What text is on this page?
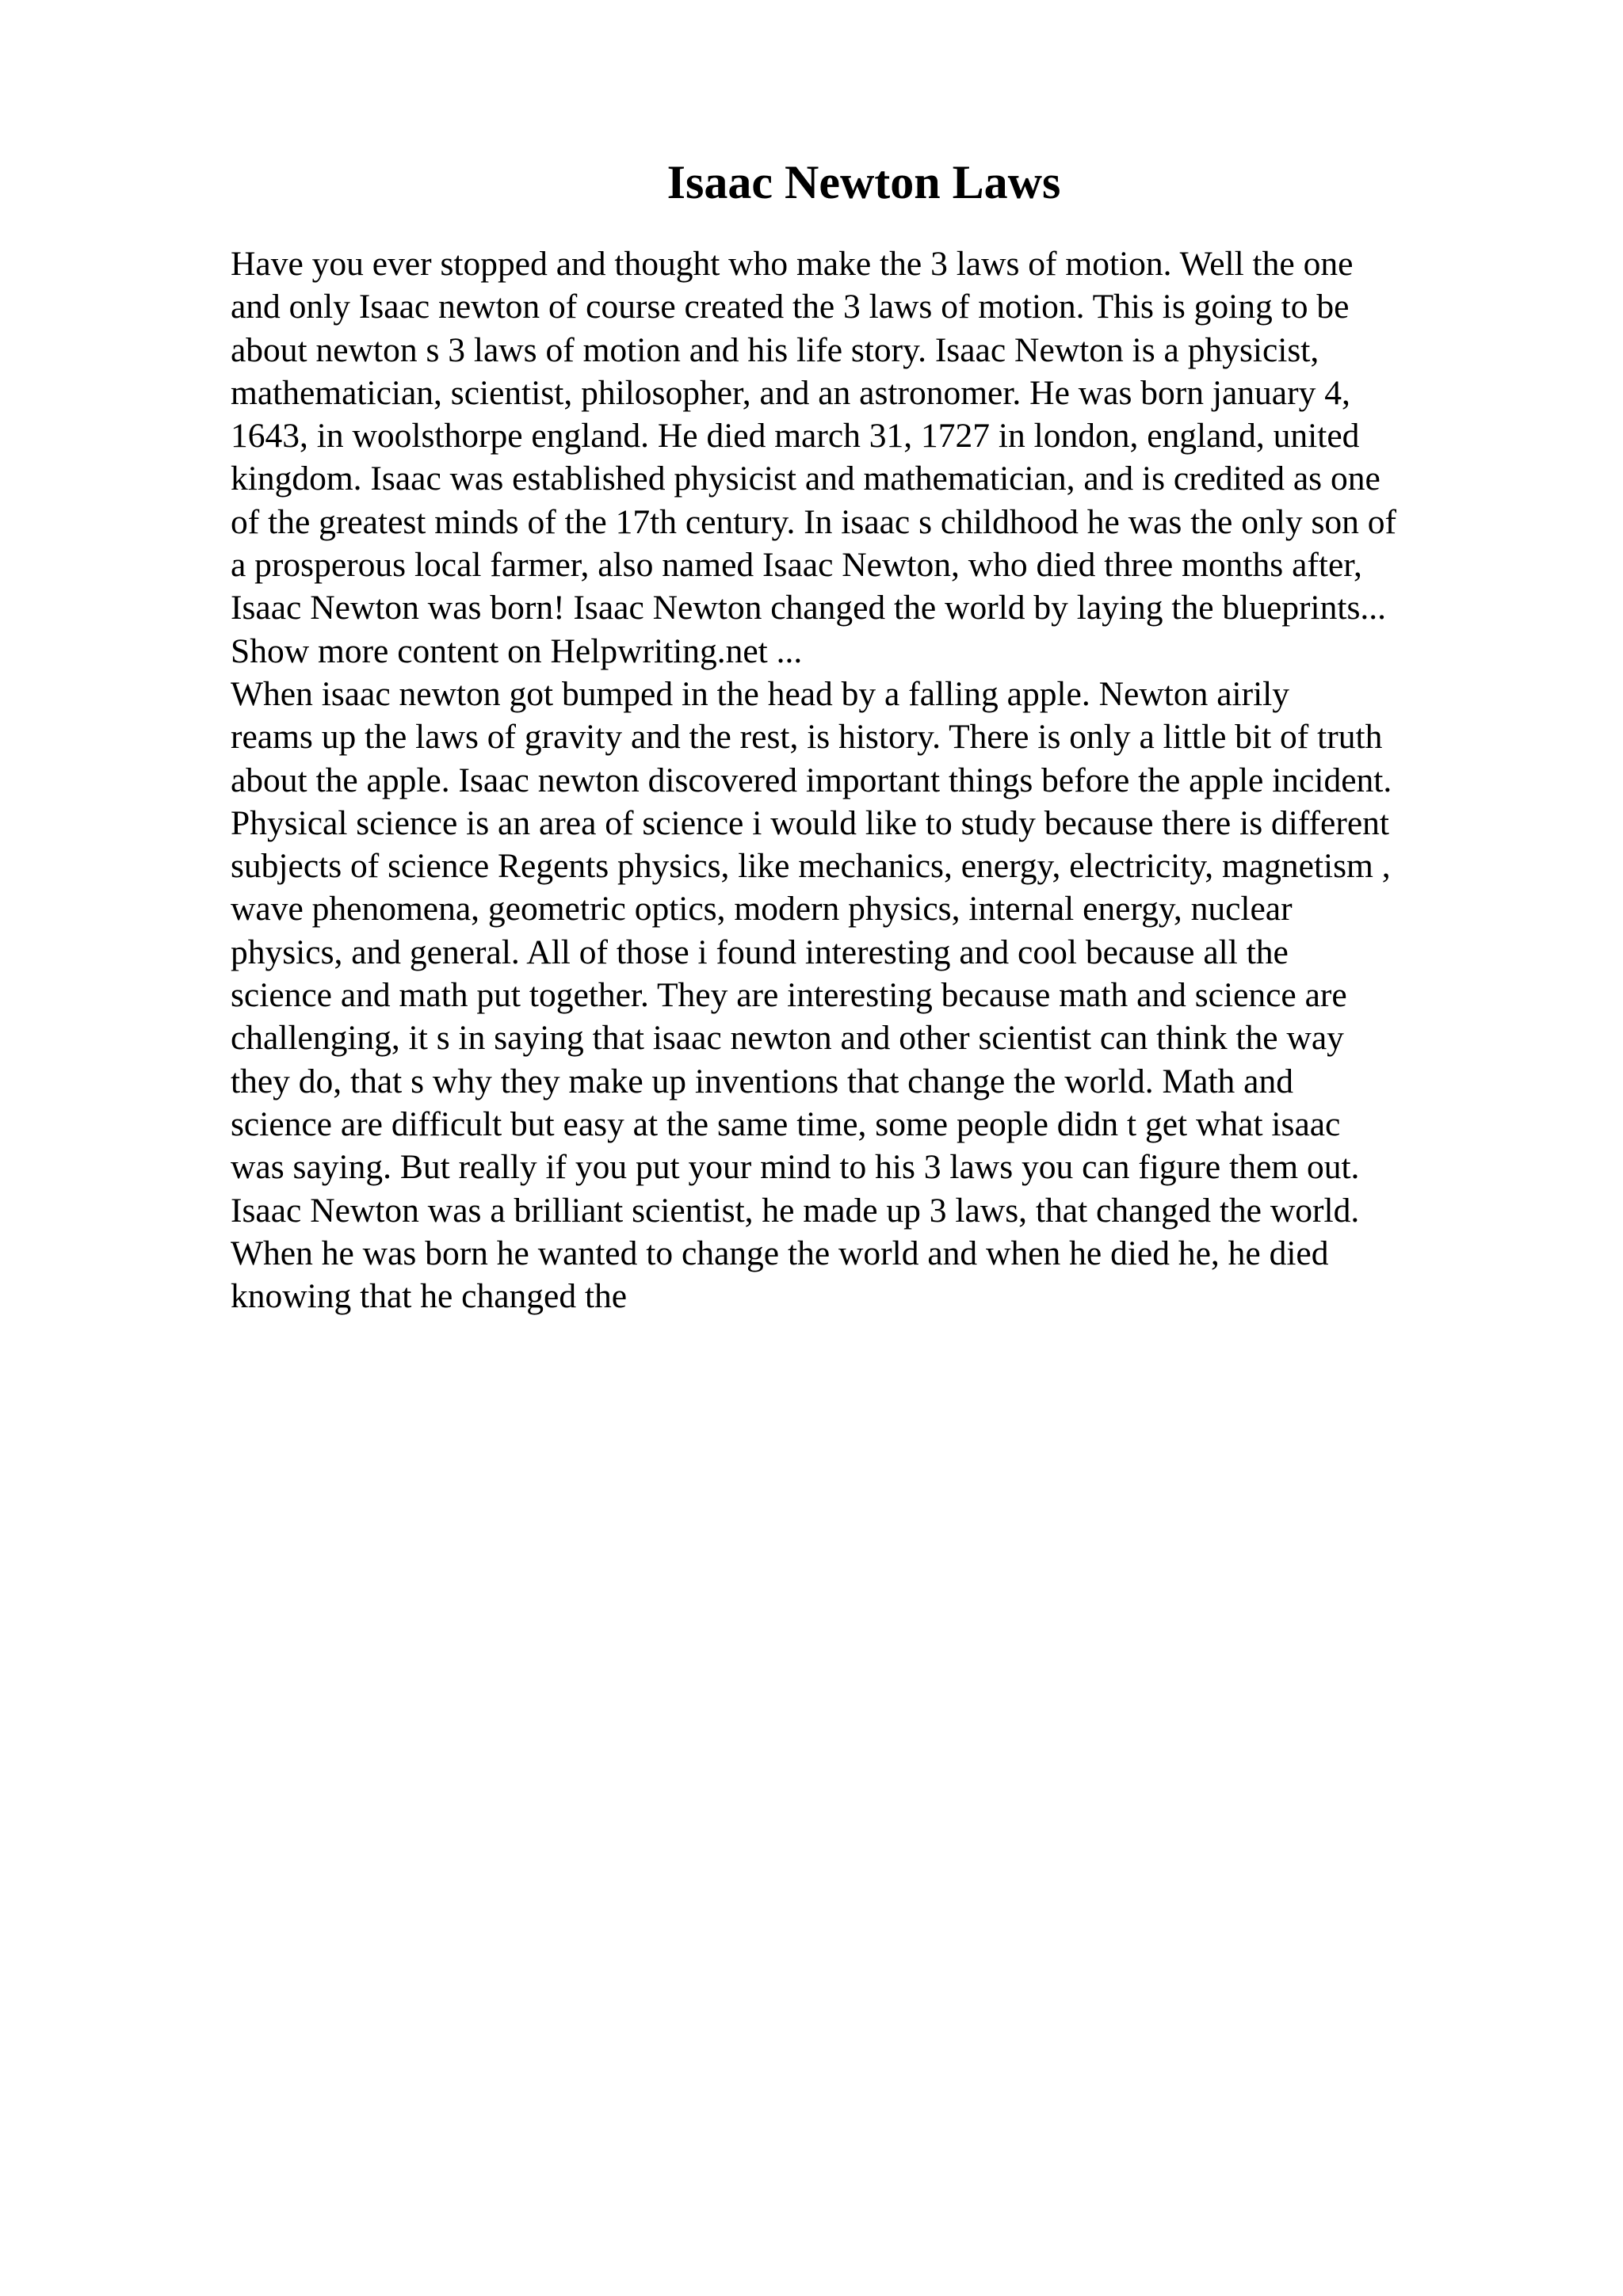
Isaac Newton Laws
Have you ever stopped and thought who make the 3 laws of motion. Well the one
and only Isaac newton of course created the 3 laws of motion. This is going to be
about newton s 3 laws of motion and his life story. Isaac Newton is a physicist,
mathematician, scientist, philosopher, and an astronomer. He was born january 4,
1643, in woolsthorpe england. He died march 31, 1727 in london, england, united
kingdom. Isaac was established physicist and mathematician, and is credited as one
of the greatest minds of the 17th century. In isaac s childhood he was the only son of
a prosperous local farmer, also named Isaac Newton, who died three months after,
Isaac Newton was born! Isaac Newton changed the world by laying the blueprints...
Show more content on Helpwriting.net ...
When isaac newton got bumped in the head by a falling apple. Newton airily
reams up the laws of gravity and the rest, is history. There is only a little bit of truth
about the apple. Isaac newton discovered important things before the apple incident.
Physical science is an area of science i would like to study because there is different
subjects of science Regents physics, like mechanics, energy, electricity, magnetism ,
wave phenomena, geometric optics, modern physics, internal energy, nuclear
physics, and general. All of those i found interesting and cool because all the
science and math put together. They are interesting because math and science are
challenging, it s in saying that isaac newton and other scientist can think the way
they do, that s why they make up inventions that change the world. Math and
science are difficult but easy at the same time, some people didn t get what isaac
was saying. But really if you put your mind to his 3 laws you can figure them out.
Isaac Newton was a brilliant scientist, he made up 3 laws, that changed the world.
When he was born he wanted to change the world and when he died he, he died
knowing that he changed the
